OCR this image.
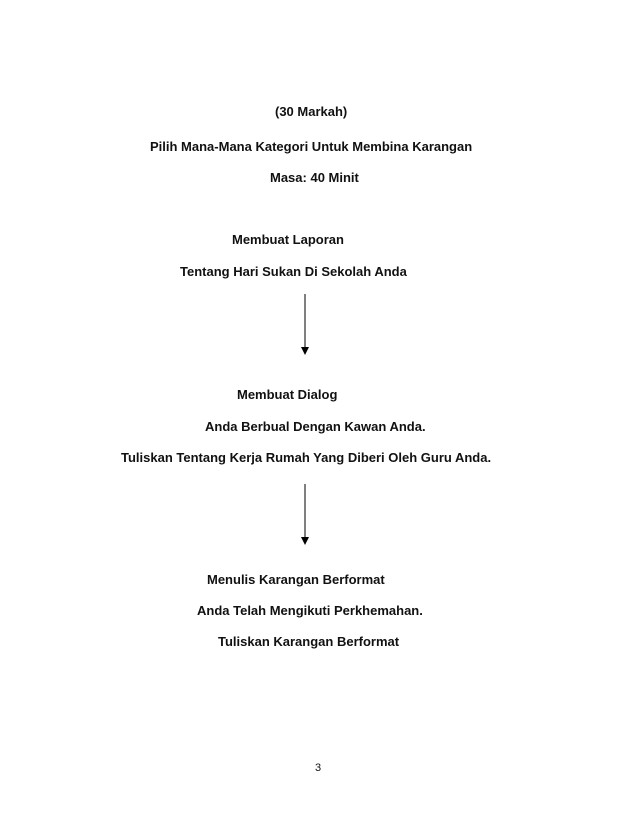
(30 Markah)
Pilih Mana-Mana Kategori Untuk Membina Karangan
Masa: 40 Minit
Membuat Laporan
Tentang Hari Sukan Di Sekolah Anda
Membuat Dialog
Anda Berbual Dengan Kawan Anda.
Tuliskan Tentang Kerja Rumah Yang Diberi Oleh Guru Anda.
Menulis Karangan Berformat
Anda Telah Mengikuti Perkhemahan.
Tuliskan Karangan Berformat
3
